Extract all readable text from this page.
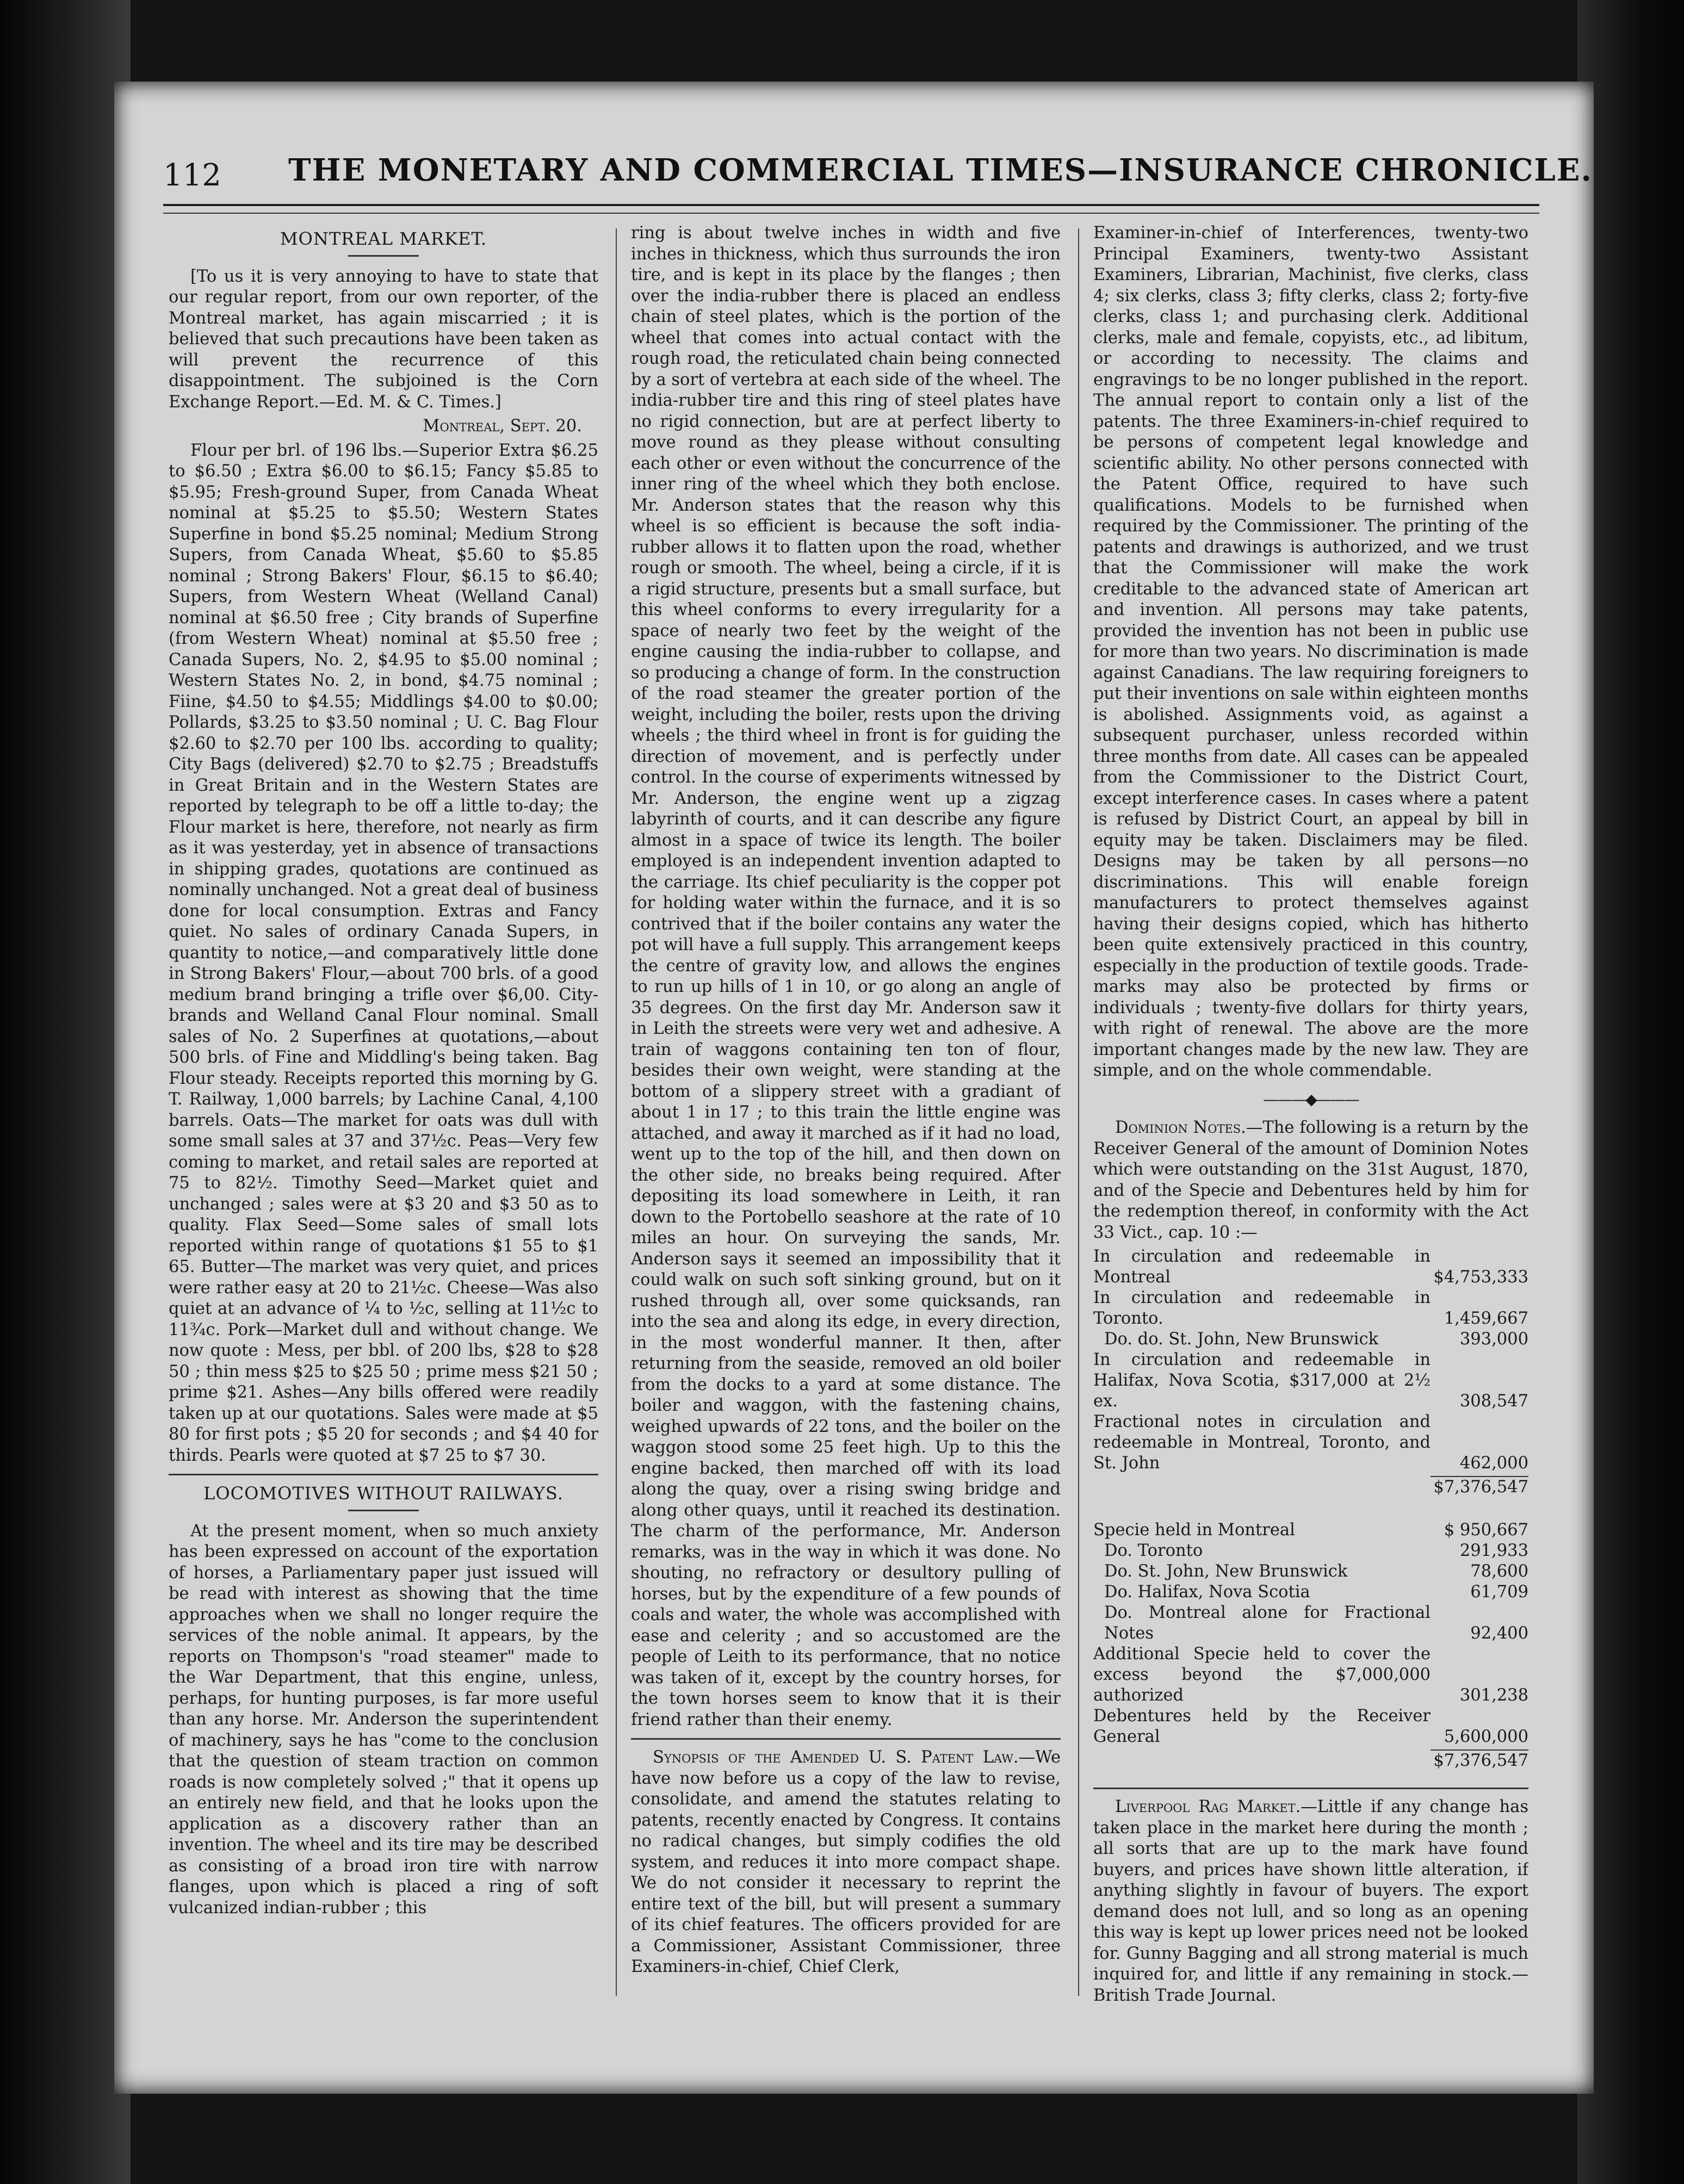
112 THE MONETARY AND COMMERCIAL TIMES—INSURANCE CHRONICLE.
MONTREAL MARKET.

[To us it is very annoying to have to state that our regular report, from our own reporter, of the Montreal market, has again miscarried ; it is believed that such precautions have been taken as will prevent the recurrence of this disappointment. The subjoined is the Corn Exchange Report.—Ed. M. & C. Times.]

Montreal, Sept. 20.

Flour per brl. of 196 lbs.—Superior Extra $6.25 to $6.50 ; Extra $6.00 to $6.15; Fancy $5.85 to $5.95; Fresh-ground Super, from Canada Wheat nominal at $5.25 to $5.50; Western States Superfine in bond $5.25 nominal; Medium Strong Supers, from Canada Wheat, $5.60 to $5.85 nominal ; Strong Bakers' Flour, $6.15 to $6.40; Supers, from Western Wheat (Welland Canal) nominal at $6.50 free ; City brands of Superfine (from Western Wheat) nominal at $5.50 free ; Canada Supers, No. 2, $4.95 to $5.00 nominal ; Western States No. 2, in bond, $4.75 nominal ; Fiine, $4.50 to $4.55; Middlings $4.00 to $0.00; Pollards, $3.25 to $3.50 nominal ; U. C. Bag Flour $2.60 to $2.70 per 100 lbs. according to quality; City Bags (delivered) $2.70 to $2.75 ; Breadstuffs in Great Britain and in the Western States are reported by telegraph to be off a little to-day; the Flour market is here, therefore, not nearly as firm as it was yesterday, yet in absence of transactions in shipping grades, quotations are continued as nominally unchanged. Not a great deal of business done for local consumption. Extras and Fancy quiet. No sales of ordinary Canada Supers, in quantity to notice,—and comparatively little done in Strong Bakers' Flour,—about 700 brls. of a good medium brand bringing a trifle over $6,00. City-brands and Welland Canal Flour nominal. Small sales of No. 2 Superfines at quotations,—about 500 brls. of Fine and Middling's being taken. Bag Flour steady. Receipts reported this morning by G. T. Railway, 1,000 barrels; by Lachine Canal, 4,100 barrels. Oats—The market for oats was dull with some small sales at 37 and 37½c. Peas—Very few coming to market, and retail sales are reported at 75 to 82½. Timothy Seed—Market quiet and unchanged ; sales were at $3 20 and $3 50 as to quality. Flax Seed—Some sales of small lots reported within range of quotations $1 55 to $1 65. Butter—The market was very quiet, and prices were rather easy at 20 to 21½c. Cheese—Was also quiet at an advance of ¼ to ½c, selling at 11½c to 11¾c. Pork—Market dull and without change. We now quote : Mess, per bbl. of 200 lbs, $28 to $28 50 ; thin mess $25 to $25 50 ; prime mess $21 50 ; prime $21. Ashes—Any bills offered were readily taken up at our quotations. Sales were made at $5 80 for first pots ; $5 20 for seconds ; and $4 40 for thirds. Pearls were quoted at $7 25 to $7 30.

LOCOMOTIVES WITHOUT RAILWAYS.

At the present moment, when so much anxiety has been expressed on account of the exportation of horses, a Parliamentary paper just issued will be read with interest as showing that the time approaches when we shall no longer require the services of the noble animal. It appears, by the reports on Thompson's "road steamer" made to the War Department, that this engine, unless, perhaps, for hunting purposes, is far more useful than any horse. Mr. Anderson the superintendent of machinery, says he has "come to the conclusion that the question of steam traction on common roads is now completely solved ;" that it opens up an entirely new field, and that he looks upon the application as a discovery rather than an invention. The wheel and its tire may be described as consisting of a broad iron tire with narrow flanges, upon which is placed a ring of soft vulcanized indian-rubber ; this

ring is about twelve inches in width and five inches in thickness, which thus surrounds the iron tire, and is kept in its place by the flanges ; then over the india-rubber there is placed an endless chain of steel plates, which is the portion of the wheel that comes into actual contact with the rough road, the reticulated chain being connected by a sort of vertebra at each side of the wheel. The india-rubber tire and this ring of steel plates have no rigid connection, but are at perfect liberty to move round as they please without consulting each other or even without the concurrence of the inner ring of the wheel which they both enclose. Mr. Anderson states that the reason why this wheel is so efficient is because the soft india-rubber allows it to flatten upon the road, whether rough or smooth. The wheel, being a circle, if it is a rigid structure, presents but a small surface, but this wheel conforms to every irregularity for a space of nearly two feet by the weight of the engine causing the india-rubber to collapse, and so producing a change of form. In the construction of the road steamer the greater portion of the weight, including the boiler, rests upon the driving wheels ; the third wheel in front is for guiding the direction of movement, and is perfectly under control. In the course of experiments witnessed by Mr. Anderson, the engine went up a zigzag labyrinth of courts, and it can describe any figure almost in a space of twice its length. The boiler employed is an independent invention adapted to the carriage. Its chief peculiarity is the copper pot for holding water within the furnace, and it is so contrived that if the boiler contains any water the pot will have a full supply. This arrangement keeps the centre of gravity low, and allows the engines to run up hills of 1 in 10, or go along an angle of 35 degrees. On the first day Mr. Anderson saw it in Leith the streets were very wet and adhesive. A train of waggons containing ten ton of flour, besides their own weight, were standing at the bottom of a slippery street with a gradiant of about 1 in 17 ; to this train the little engine was attached, and away it marched as if it had no load, went up to the top of the hill, and then down on the other side, no breaks being required. After depositing its load somewhere in Leith, it ran down to the Portobello seashore at the rate of 10 miles an hour. On surveying the sands, Mr. Anderson says it seemed an impossibility that it could walk on such soft sinking ground, but on it rushed through all, over some quicksands, ran into the sea and along its edge, in every direction, in the most wonderful manner. It then, after returning from the seaside, removed an old boiler from the docks to a yard at some distance. The boiler and waggon, with the fastening chains, weighed upwards of 22 tons, and the boiler on the waggon stood some 25 feet high. Up to this the engine backed, then marched off with its load along the quay, over a rising swing bridge and along other quays, until it reached its destination. The charm of the performance, Mr. Anderson remarks, was in the way in which it was done. No shouting, no refractory or desultory pulling of horses, but by the expenditure of a few pounds of coals and water, the whole was accomplished with ease and celerity ; and so accustomed are the people of Leith to its performance, that no notice was taken of it, except by the country horses, for the town horses seem to know that it is their friend rather than their enemy.

Synopsis of the Amended U. S. Patent Law.—We have now before us a copy of the law to revise, consolidate, and amend the statutes relating to patents, recently enacted by Congress. It contains no radical changes, but simply codifies the old system, and reduces it into more compact shape. We do not consider it necessary to reprint the entire text of the bill, but will present a summary of its chief features. The officers provided for are a Commissioner, Assistant Commissioner, three Examiners-in-chief, Chief Clerk,

Examiner-in-chief of Interferences, twenty-two Principal Examiners, twenty-two Assistant Examiners, Librarian, Machinist, five clerks, class 4; six clerks, class 3; fifty clerks, class 2; forty-five clerks, class 1; and purchasing clerk. Additional clerks, male and female, copyists, etc., ad libitum, or according to necessity. The claims and engravings to be no longer published in the report. The annual report to contain only a list of the patents. The three Examiners-in-chief required to be persons of competent legal knowledge and scientific ability. No other persons connected with the Patent Office, required to have such qualifications. Models to be furnished when required by the Commissioner. The printing of the patents and drawings is authorized, and we trust that the Commissioner will make the work creditable to the advanced state of American art and invention. All persons may take patents, provided the invention has not been in public use for more than two years. No discrimination is made against Canadians. The law requiring foreigners to put their inventions on sale within eighteen months is abolished. Assignments void, as against a subsequent purchaser, unless recorded within three months from date. All cases can be appealed from the Commissioner to the District Court, except interference cases. In cases where a patent is refused by District Court, an appeal by bill in equity may be taken. Disclaimers may be filed. Designs may be taken by all persons—no discriminations. This will enable foreign manufacturers to protect themselves against having their designs copied, which has hitherto been quite extensively practiced in this country, especially in the production of textile goods. Trade-marks may also be protected by firms or individuals ; twenty-five dollars for thirty years, with right of renewal. The above are the more important changes made by the new law. They are simple, and on the whole commendable.

———◆———

Dominion Notes.—The following is a return by the Receiver General of the amount of Dominion Notes which were outstanding on the 31st August, 1870, and of the Specie and Debentures held by him for the redemption thereof, in conformity with the Act 33 Vict., cap. 10 :—

In circulation and redeemable in Montreal	$4,753,333
In circulation and redeemable in Toronto.	1,459,667
Do. do. St. John, New Brunswick	393,000
In circulation and redeemable in Halifax, Nova Scotia, $317,000 at 2½ ex.	308,547
Fractional notes in circulation and redeemable in Montreal, Toronto, and St. John	462,000
$7,376,547
Specie held in Montreal	$ 950,667
Do. Toronto	291,933
Do. St. John, New Brunswick	78,600
Do. Halifax, Nova Scotia	61,709
Do. Montreal alone for Fractional Notes	92,400
Additional Specie held to cover the excess beyond the $7,000,000 authorized	301,238
Debentures held by the Receiver General	5,600,000
$7,376,547

Liverpool Rag Market.—Little if any change has taken place in the market here during the month ; all sorts that are up to the mark have found buyers, and prices have shown little alteration, if anything slightly in favour of buyers. The export demand does not lull, and so long as an opening this way is kept up lower prices need not be looked for. Gunny Bagging and all strong material is much inquired for, and little if any remaining in stock.—British Trade Journal.
